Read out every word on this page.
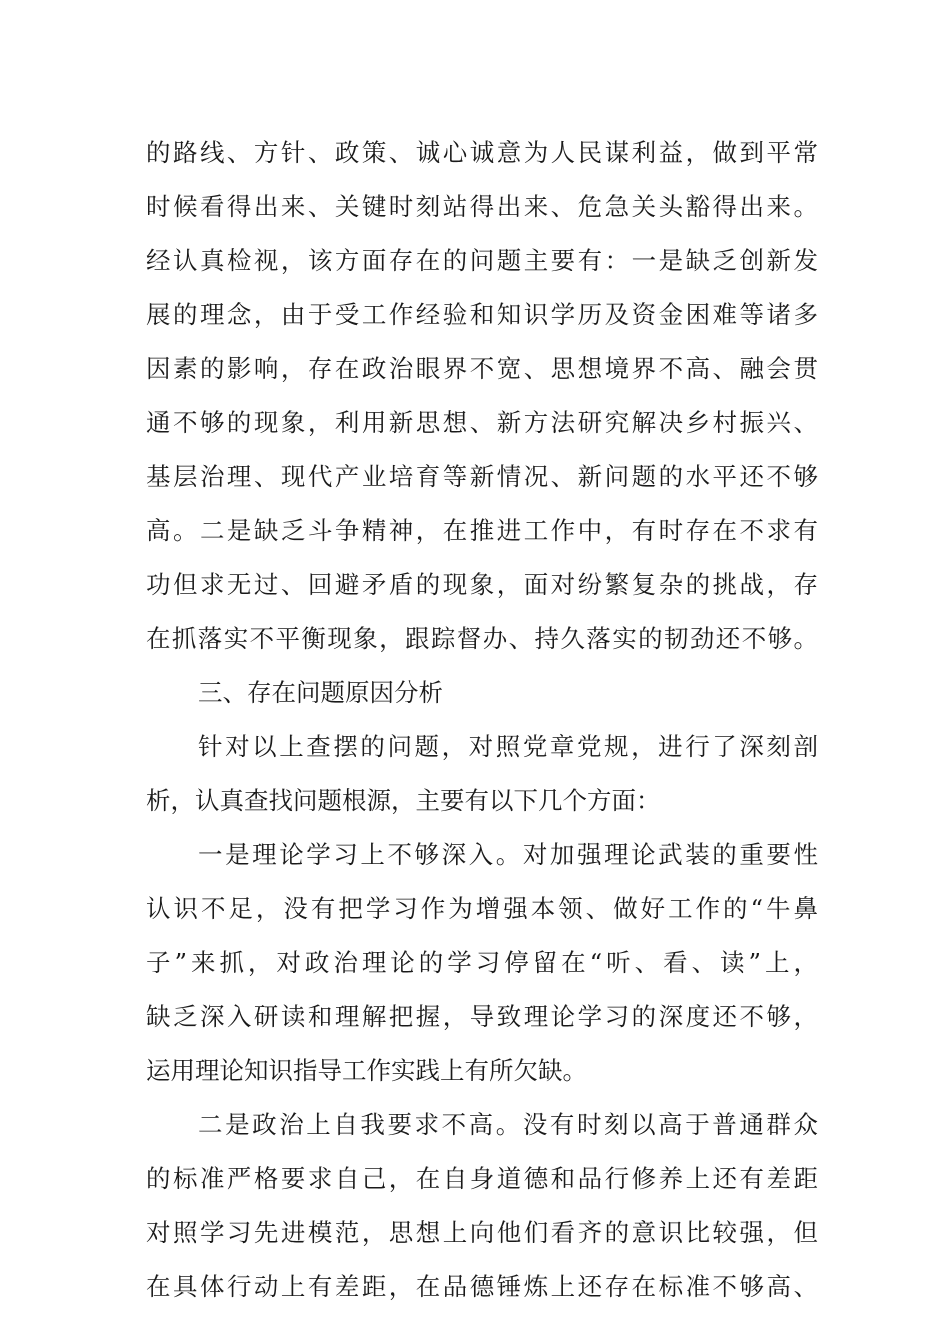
的路线、方针、政策、诚心诚意为人民谋利益，做到平常
时候看得出来、关键时刻站得出来、危急关头豁得出来。
经认真检视，该方面存在的问题主要有：一是缺乏创新发
展的理念，由于受工作经验和知识学历及资金困难等诸多
因素的影响，存在政治眼界不宽、思想境界不高、融会贯
通不够的现象，利用新思想、新方法研究解决乡村振兴、
基层治理、现代产业培育等新情况、新问题的水平还不够
高。二是缺乏斗争精神，在推进工作中，有时存在不求有
功但求无过、回避矛盾的现象，面对纷繁复杂的挑战，存
在抓落实不平衡现象，跟踪督办、持久落实的韧劲还不够。
三、存在问题原因分析
针对以上查摆的问题，对照党章党规，进行了深刻剖
析，认真查找问题根源，主要有以下几个方面：
一是理论学习上不够深入。对加强理论武装的重要性
认识不足，没有把学习作为增强本领、做好工作的“牛鼻
子”来抓，对政治理论的学习停留在“听、看、读”上，
缺乏深入研读和理解把握，导致理论学习的深度还不够，
运用理论知识指导工作实践上有所欠缺。
二是政治上自我要求不高。没有时刻以高于普通群众
的标准严格要求自己，在自身道德和品行修养上还有差距
对照学习先进模范，思想上向他们看齐的意识比较强，但
在具体行动上有差距，在品德锤炼上还存在标准不够高、
